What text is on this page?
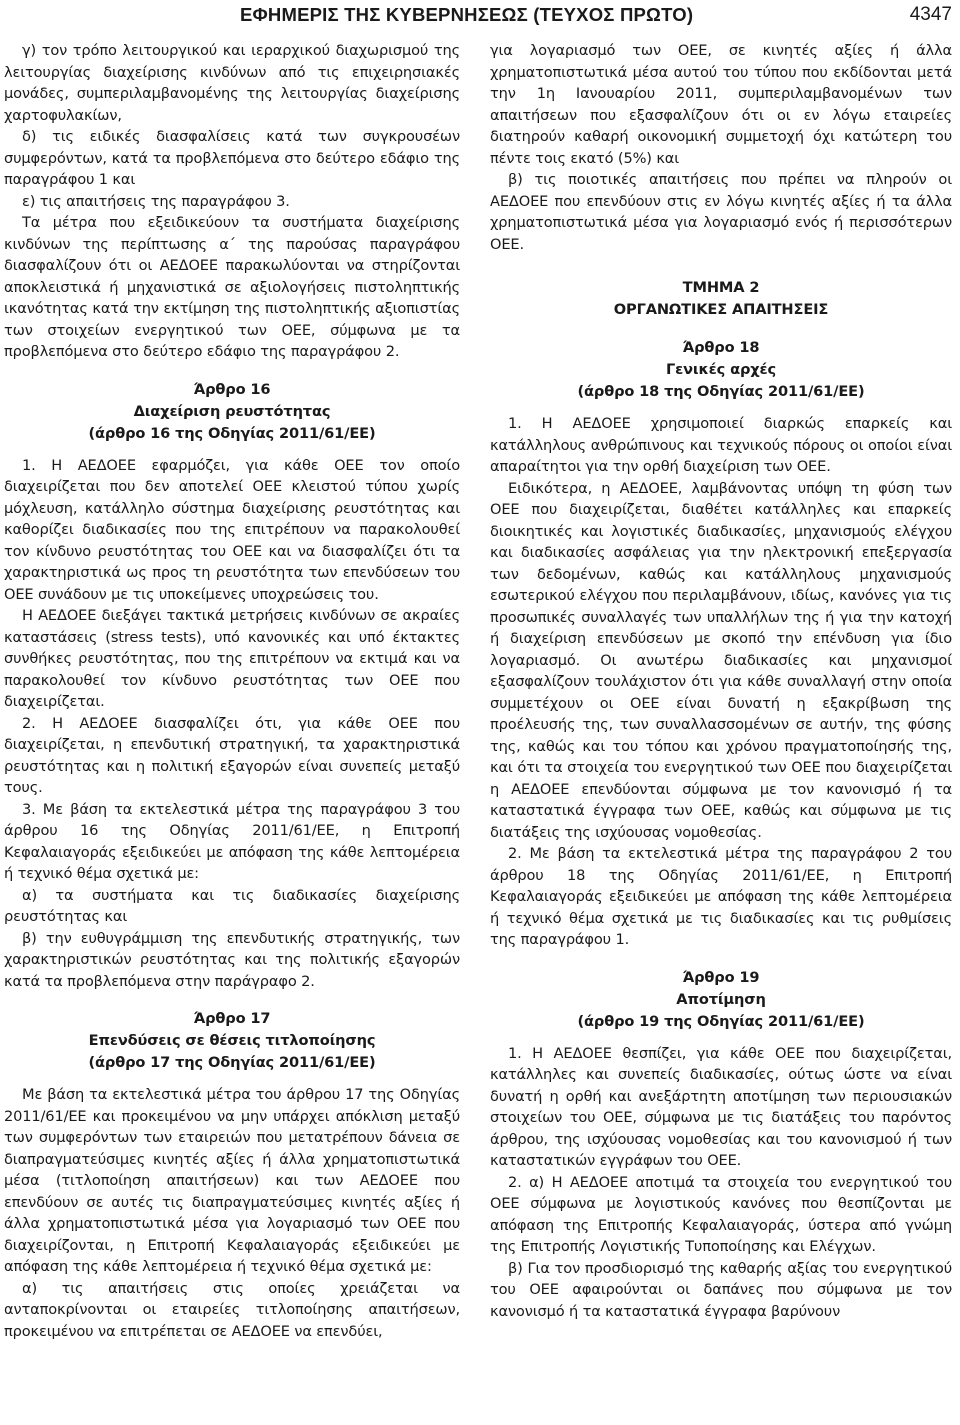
ΕΦΗΜΕΡΙΣ ΤΗΣ ΚΥΒΕΡΝΗΣΕΩΣ (ΤΕΥΧΟΣ ΠΡΩΤΟ)	4347

γ) τον τρόπο λειτουργικού και ιεραρχικού διαχωρισμού της λειτουργίας διαχείρισης κινδύνων από τις επιχειρησιακές μονάδες, συμπεριλαμβανομένης της λειτουργίας διαχείρισης χαρτοφυλακίων,

δ) τις ειδικές διασφαλίσεις κατά των συγκρουσέων συμφερόντων, κατά τα προβλεπόμενα στο δεύτερο εδάφιο της παραγράφου 1 και

ε) τις απαιτήσεις της παραγράφου 3.

Τα μέτρα που εξειδικεύουν τα συστήματα διαχείρισης κινδύνων της περίπτωσης α΄ της παρούσας παραγράφου διασφαλίζουν ότι οι ΑΕΔΟΕΕ παρακωλύονται να στηρίζονται αποκλειστικά ή μηχανιστικά σε αξιολογήσεις πιστοληπτικής ικανότητας κατά την εκτίμηση της πιστοληπτικής αξιοπιστίας των στοιχείων ενεργητικού των ΟΕΕ, σύμφωνα με τα προβλεπόμενα στο δεύτερο εδάφιο της παραγράφου 2.

Άρθρο 16
Διαχείριση ρευστότητας
(άρθρο 16 της Οδηγίας 2011/61/ΕΕ)

1. Η ΑΕΔΟΕΕ εφαρμόζει, για κάθε ΟΕΕ τον οποίο διαχειρίζεται που δεν αποτελεί ΟΕΕ κλειστού τύπου χωρίς μόχλευση, κατάλληλο σύστημα διαχείρισης ρευστότητας και καθορίζει διαδικασίες που της επιτρέπουν να παρακολουθεί τον κίνδυνο ρευστότητας του ΟΕΕ και να διασφαλίζει ότι τα χαρακτηριστικά ως προς τη ρευστότητα των επενδύσεων του ΟΕΕ συνάδουν με τις υποκείμενες υποχρεώσεις του.

Η ΑΕΔΟΕΕ διεξάγει τακτικά μετρήσεις κινδύνων σε ακραίες καταστάσεις (stress tests), υπό κανονικές και υπό έκτακτες συνθήκες ρευστότητας, που της επιτρέπουν να εκτιμά και να παρακολουθεί τον κίνδυνο ρευστότητας των ΟΕΕ που διαχειρίζεται.

2. Η ΑΕΔΟΕΕ διασφαλίζει ότι, για κάθε ΟΕΕ που διαχειρίζεται, η επενδυτική στρατηγική, τα χαρακτηριστικά ρευστότητας και η πολιτική εξαγορών είναι συνεπείς μεταξύ τους.

3. Με βάση τα εκτελεστικά μέτρα της παραγράφου 3 του άρθρου 16 της Οδηγίας 2011/61/ΕΕ, η Επιτροπή Κεφαλαιαγοράς εξειδικεύει με απόφαση της κάθε λεπτομέρεια ή τεχνικό θέμα σχετικά με:

α) τα συστήματα και τις διαδικασίες διαχείρισης ρευστότητας και

β) την ευθυγράμμιση της επενδυτικής στρατηγικής, των χαρακτηριστικών ρευστότητας και της πολιτικής εξαγορών κατά τα προβλεπόμενα στην παράγραφο 2.

Άρθρο 17
Επενδύσεις σε θέσεις τιτλοποίησης
(άρθρο 17 της Οδηγίας 2011/61/ΕΕ)

Με βάση τα εκτελεστικά μέτρα του άρθρου 17 της Οδηγίας 2011/61/ΕΕ και προκειμένου να μην υπάρχει απόκλιση μεταξύ των συμφερόντων των εταιρειών που μετατρέπουν δάνεια σε διαπραγματεύσιμες κινητές αξίες ή άλλα χρηματοπιστωτικά μέσα (τιτλοποίηση απαιτήσεων) και των ΑΕΔΟΕΕ που επενδύουν σε αυτές τις διαπραγματεύσιμες κινητές αξίες ή άλλα χρηματοπιστωτικά μέσα για λογαριασμό των ΟΕΕ που διαχειρίζονται, η Επιτροπή Κεφαλαιαγοράς εξειδικεύει με απόφαση της κάθε λεπτομέρεια ή τεχνικό θέμα σχετικά με:

α) τις απαιτήσεις στις οποίες χρειάζεται να ανταποκρίνονται οι εταιρείες τιτλοποίησης απαιτήσεων, προκειμένου να επιτρέπεται σε ΑΕΔΟΕΕ να επενδύει,

για λογαριασμό των ΟΕΕ, σε κινητές αξίες ή άλλα χρηματοπιστωτικά μέσα αυτού του τύπου που εκδίδονται μετά την 1η Ιανουαρίου 2011, συμπεριλαμβανομένων των απαιτήσεων που εξασφαλίζουν ότι οι εν λόγω εταιρείες διατηρούν καθαρή οικονομική συμμετοχή όχι κατώτερη του πέντε τοις εκατό (5%) και

β) τις ποιοτικές απαιτήσεις που πρέπει να πληρούν οι ΑΕΔΟΕΕ που επενδύουν στις εν λόγω κινητές αξίες ή τα άλλα χρηματοπιστωτικά μέσα για λογαριασμό ενός ή περισσότερων ΟΕΕ.

ΤΜΗΜΑ 2
ΟΡΓΑΝΩΤΙΚΕΣ ΑΠΑΙΤΗΣΕΙΣ
Άρθρο 18
Γενικές αρχές
(άρθρο 18 της Οδηγίας 2011/61/ΕΕ)

1. Η ΑΕΔΟΕΕ χρησιμοποιεί διαρκώς επαρκείς και κατάλληλους ανθρώπινους και τεχνικούς πόρους οι οποίοι είναι απαραίτητοι για την ορθή διαχείριση των ΟΕΕ.

Ειδικότερα, η ΑΕΔΟΕΕ, λαμβάνοντας υπόψη τη φύση των ΟΕΕ που διαχειρίζεται, διαθέτει κατάλληλες και επαρκείς διοικητικές και λογιστικές διαδικασίες, μηχανισμούς ελέγχου και διαδικασίες ασφάλειας για την ηλεκτρονική επεξεργασία των δεδομένων, καθώς και κατάλληλους μηχανισμούς εσωτερικού ελέγχου που περιλαμβάνουν, ιδίως, κανόνες για τις προσωπικές συναλλαγές των υπαλλήλων της ή για την κατοχή ή διαχείριση επενδύσεων με σκοπό την επένδυση για ίδιο λογαριασμό. Οι ανωτέρω διαδικασίες και μηχανισμοί εξασφαλίζουν τουλάχιστον ότι για κάθε συναλλαγή στην οποία συμμετέχουν οι ΟΕΕ είναι δυνατή η εξακρίβωση της προέλευσής της, των συναλλασσομένων σε αυτήν, της φύσης της, καθώς και του τόπου και χρόνου πραγματοποίησής της, και ότι τα στοιχεία του ενεργητικού των ΟΕΕ που διαχειρίζεται η ΑΕΔΟΕΕ επενδύονται σύμφωνα με τον κανονισμό ή τα καταστατικά έγγραφα των ΟΕΕ, καθώς και σύμφωνα με τις διατάξεις της ισχύουσας νομοθεσίας.

2. Με βάση τα εκτελεστικά μέτρα της παραγράφου 2 του άρθρου 18 της Οδηγίας 2011/61/ΕΕ, η Επιτροπή Κεφαλαιαγοράς εξειδικεύει με απόφαση της κάθε λεπτομέρεια ή τεχνικό θέμα σχετικά με τις διαδικασίες και τις ρυθμίσεις της παραγράφου 1.

Άρθρο 19
Αποτίμηση
(άρθρο 19 της Οδηγίας 2011/61/ΕΕ)

1. Η ΑΕΔΟΕΕ θεσπίζει, για κάθε ΟΕΕ που διαχειρίζεται, κατάλληλες και συνεπείς διαδικασίες, ούτως ώστε να είναι δυνατή η ορθή και ανεξάρτητη αποτίμηση των περιουσιακών στοιχείων του ΟΕΕ, σύμφωνα με τις διατάξεις του παρόντος άρθρου, της ισχύουσας νομοθεσίας και του κανονισμού ή των καταστατικών εγγράφων του ΟΕΕ.

2. α) Η ΑΕΔΟΕΕ αποτιμά τα στοιχεία του ενεργητικού του ΟΕΕ σύμφωνα με λογιστικούς κανόνες που θεσπίζονται με απόφαση της Επιτροπής Κεφαλαιαγοράς, ύστερα από γνώμη της Επιτροπής Λογιστικής Τυποποίησης και Ελέγχων.

β) Για τον προσδιορισμό της καθαρής αξίας του ενεργητικού του ΟΕΕ αφαιρούνται οι δαπάνες που σύμφωνα με τον κανονισμό ή τα καταστατικά έγγραφα βαρύνουν
